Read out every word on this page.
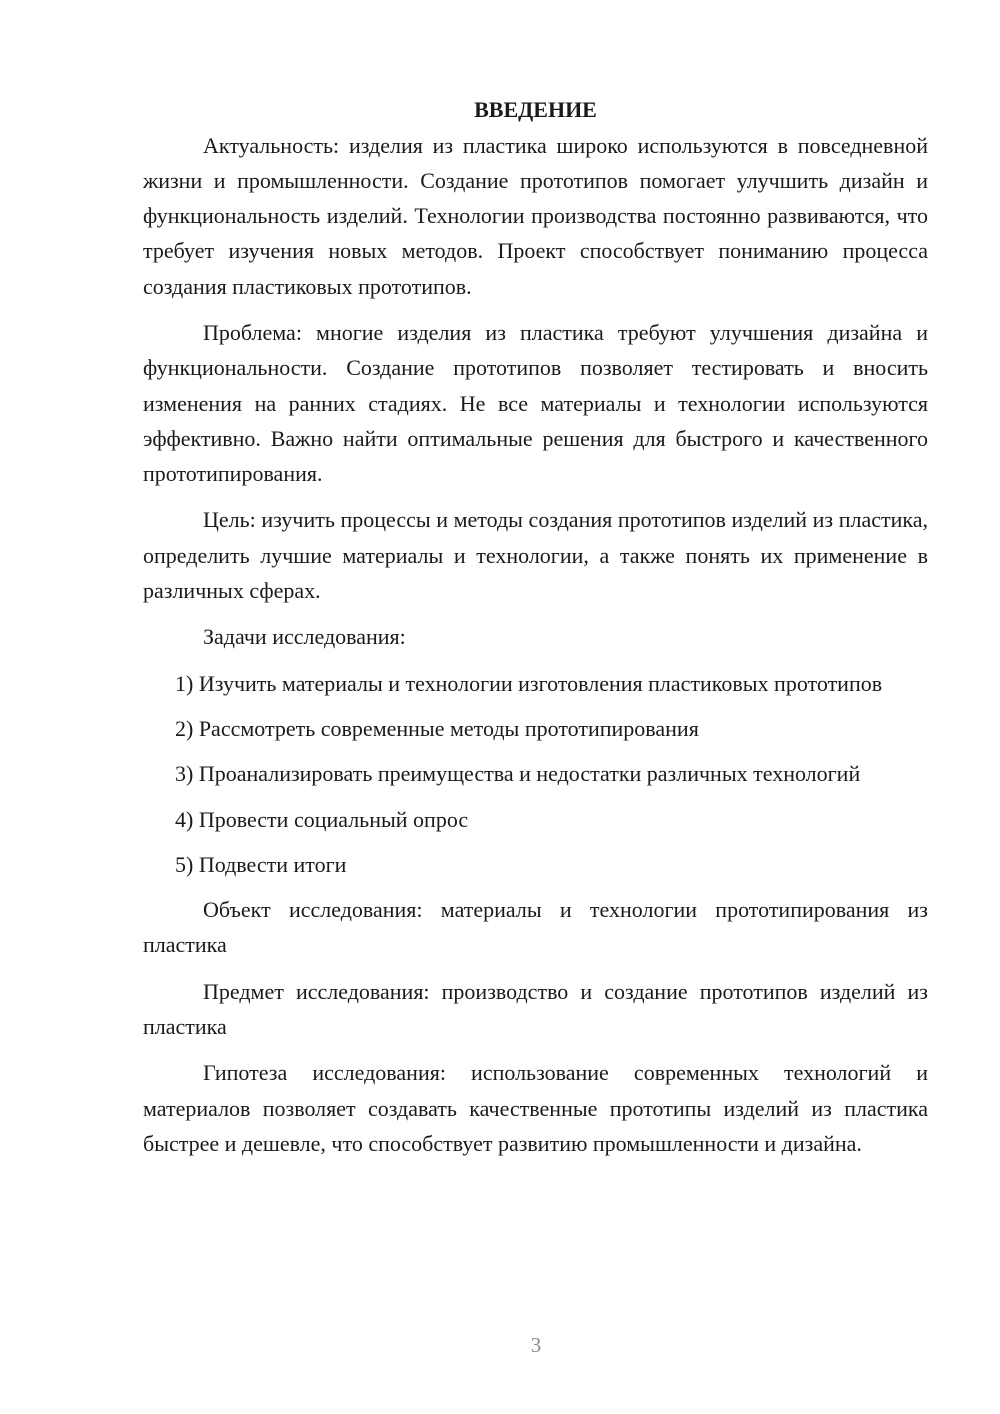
ВВЕДЕНИЕ

Актуальность: изделия из пластика широко используются в повседневной жизни и промышленности. Создание прототипов помогает улучшить дизайн и функциональность изделий. Технологии производства постоянно развиваются, что требует изучения новых методов. Проект способствует пониманию процесса создания пластиковых прототипов.

Проблема: многие изделия из пластика требуют улучшения дизайна и функциональности. Создание прототипов позволяет тестировать и вносить изменения на ранних стадиях. Не все материалы и технологии используются эффективно. Важно найти оптимальные решения для быстрого и качественного прототипирования.

Цель: изучить процессы и методы создания прототипов изделий из пластика, определить лучшие материалы и технологии, а также понять их применение в различных сферах.

Задачи исследования:

1) Изучить материалы и технологии изготовления пластиковых прототипов

2) Рассмотреть современные методы прототипирования

3) Проанализировать преимущества и недостатки различных технологий

4) Провести социальный опрос

5) Подвести итоги

Объект исследования: материалы и технологии прототипирования из пластика

Предмет исследования: производство и создание прототипов изделий из пластика

Гипотеза исследования: использование современных технологий и материалов позволяет создавать качественные прототипы изделий из пластика быстрее и дешевле, что способствует развитию промышленности и дизайна.

3
